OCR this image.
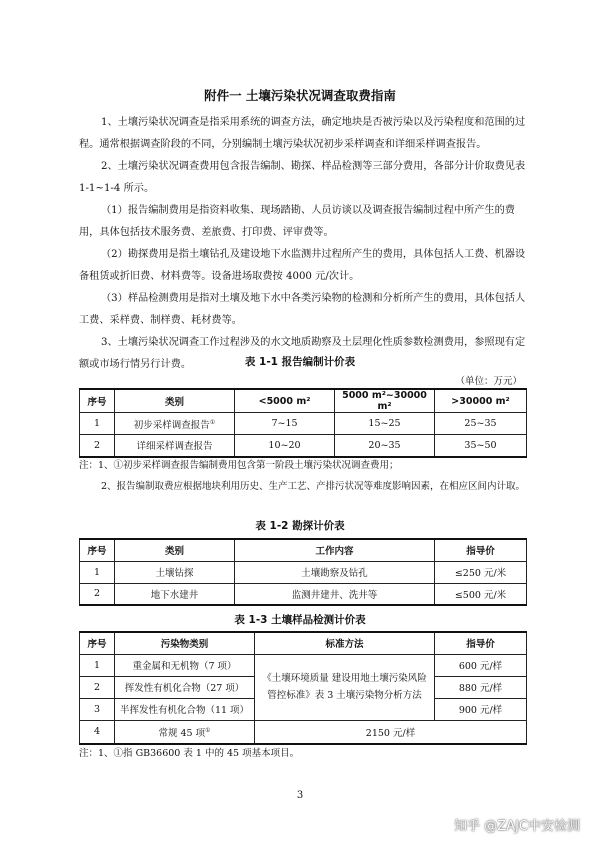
附件一 土壤污染状况调查取费指南

1、土壤污染状况调查是指采用系统的调查方法，确定地块是否被污染以及污染程度和范围的过程。通常根据调查阶段的不同，分别编制土壤污染状况初步采样调查和详细采样调查报告。

2、土壤污染状况调查费用包含报告编制、勘探、样品检测等三部分费用，各部分计价取费见表 1-1~1-4 所示。

（1）报告编制费用是指资料收集、现场踏勘、人员访谈以及调查报告编制过程中所产生的费用，具体包括技术服务费、差旅费、打印费、评审费等。

（2）勘探费用是指土壤钻孔及建设地下水监测井过程所产生的费用，具体包括人工费、机器设备租赁或折旧费、材料费等。设备进场取费按 4000 元/次计。

（3）样品检测费用是指对土壤及地下水中各类污染物的检测和分析所产生的费用，具体包括人工费、采样费、制样费、耗材费等。

3、土壤污染状况调查工作过程涉及的水文地质勘察及土层理化性质参数检测费用，参照现有定额或市场行情另行计费。	表 1-1 报告编制计价表
（单位：万元）
序号	类别	<5000 m²	5000 m²~30000 m²	>30000 m²
1	初步采样调查报告①	7~15	15~25	25~35
2	详细采样调查报告	10~20	20~35	35~50

注：1、①初步采样调查报告编制费用包含第一阶段土壤污染状况调查费用；

2、报告编制取费应根据地块利用历史、生产工艺、产排污状况等难度影响因素，在相应区间内计取。

表 1-2 勘探计价表
序号	类别	工作内容	指导价
1	土壤钻探	土壤勘察及钻孔	≤250 元/米
2	地下水建井	监测井建井、洗井等	≤500 元/米
表 1-3 土壤样品检测计价表
序号	污染物类别	标准方法	指导价
1	重金属和无机物（7 项）	《土壤环境质量 建设用地土壤污染风险管控标准》表 3 土壤污染物分析方法	600 元/样
2	挥发性有机化合物（27 项）		880 元/样
3	半挥发性有机化合物（11 项）		900 元/样
4	常规 45 项①	2150 元/样	

注：1、①指 GB36600 表 1 中的 45 项基本项目。

3
知乎 @ZAJC中安检测
